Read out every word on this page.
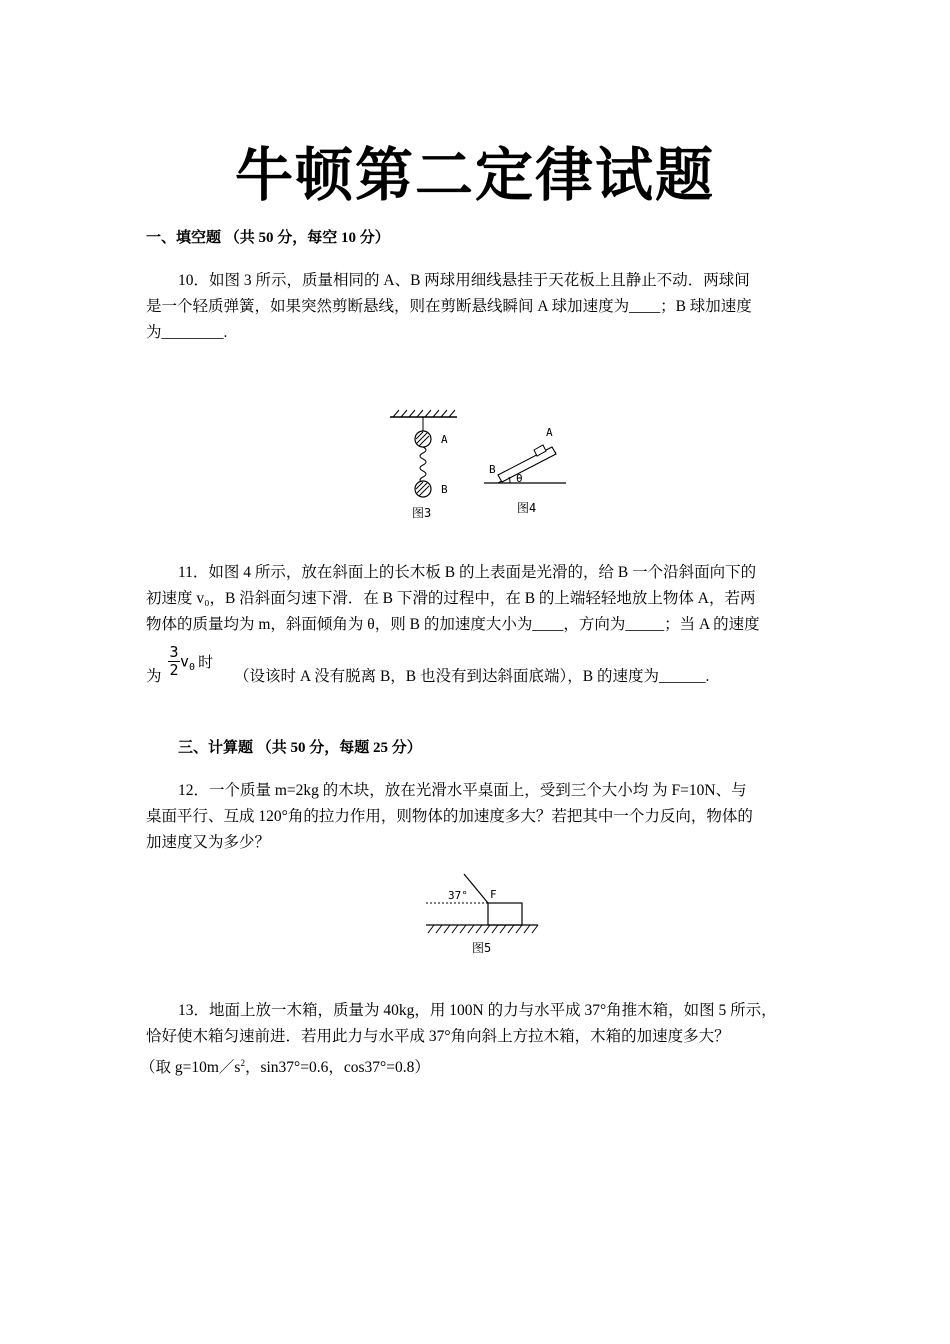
牛顿第二定律试题
一、填空题 （共 50 分，每空 10 分）
10．如图 3 所示，质量相同的 A、B 两球用细线悬挂于天花板上且静止不动．两球间
是一个轻质弹簧，如果突然剪断悬线，则在剪断悬线瞬间 A 球加速度为____；B 球加速度
为________.
A
B
图3
A
B
θ
图4
11．如图 4 所示，放在斜面上的长木板 B 的上表面是光滑的，给 B 一个沿斜面向下的
初速度 v₀，B 沿斜面匀速下滑．在 B 下滑的过程中，在 B 的上端轻轻地放上物体 A，若两
物体的质量均为 m，斜面倾角为 θ，则 B 的加速度大小为____，方向为_____；当 A 的速度
为 $\frac{3}{2} v_0$ 时
（设该时 A 没有脱离 B，B 也没有到达斜面底端），B 的速度为______.
三、计算题 （共 50 分，每题 25 分）
12．一个质量 m=2kg 的木块，放在光滑水平桌面上，受到三个大小均 为 F=10N、与
桌面平行、互成 120°角的拉力作用，则物体的加速度多大？若把其中一个力反向，物体的
加速度又为多少？
37° F
图5
13．地面上放一木箱，质量为 40kg，用 100N 的力与水平成 37°角推木箱，如图 5 所示，
恰好使木箱匀速前进．若用此力与水平成 37°角向斜上方拉木箱，木箱的加速度多大？
（取 $g=10m/s^2$，sin37°=0.6，cos37°=0.8）
